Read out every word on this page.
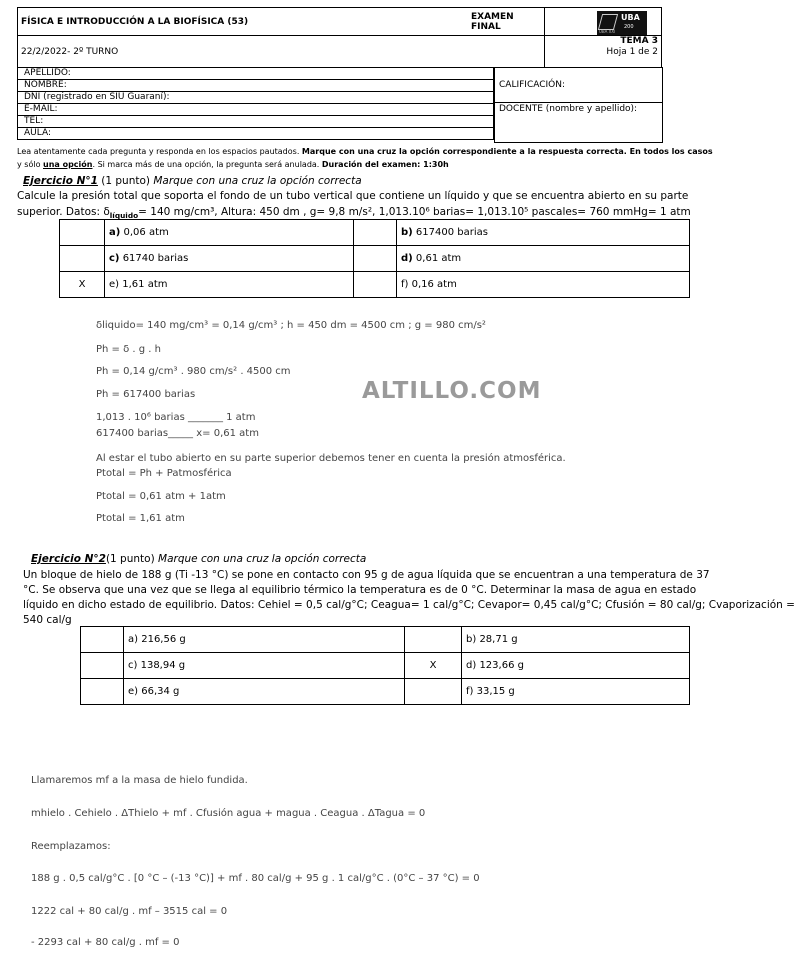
FÍSICA E INTRODUCCIÓN A LA BIOFÍSICA (53)	EXAMEN FINAL	
22/2/2022- 2º TURNO		TEMA 3
Hoja 1 de 2
UBA
200
UBA XXI
APELLIDO:
NOMBRE:
DNI (registrado en SIU Guaraní):
E-MAIL:
TEL:
AULA:
CALIFICACIÓN:
DOCENTE (nombre y apellido):
Lea atentamente cada pregunta y responda en los espacios pautados. Marque con una cruz la opción correspondiente a la respuesta correcta. En todos los casos
y sólo una opción. Si marca más de una opción, la pregunta será anulada. Duración del examen: 1:30h
Ejercicio N°1 (1 punto) Marque con una cruz la opción correcta
Calcule la presión total que soporta el fondo de un tubo vertical que contiene un líquido y que se encuentra abierto en su parte
superior. Datos: $\delta_{líquido}= 140$ mg/cm³, Altura: 450 dm , g= 9,8 m/s², 1,013.10⁶ barias= 1,013.10⁵ pascales= 760 mmHg= 1 atm
	a) 0,06 atm		b) 617400 barias
	c) 61740 barias		d) 0,61 atm
X	e) 1,61 atm		f) 0,16 atm
δliquido= 140 mg/cm³ = 0,14 g/cm³ ; h = 450 dm = 4500 cm ; g = 980 cm/s²
Ph = δ . g . h
Ph = 0,14 g/cm³ . 980 cm/s² . 4500 cm
Ph = 617400 barias
1,013 . 10⁶ barias _______ 1 atm
617400 barias_____ x= 0,61 atm
Al estar el tubo abierto en su parte superior debemos tener en cuenta la presión atmosférica.
Ptotal = Ph + Patmosférica
Ptotal = 0,61 atm + 1atm
Ptotal = 1,61 atm
ALTILLO.COM
Ejercicio N°2(1 punto) Marque con una cruz la opción correcta
Un bloque de hielo de 188 g (Ti -13 °C) se pone en contacto con 95 g de agua líquida que se encuentran a una temperatura de 37
°C. Se observa que una vez que se llega al equilibrio térmico la temperatura es de 0 °C. Determinar la masa de agua en estado
líquido en dicho estado de equilibrio. Datos: Cehiel = 0,5 cal/g°C; Ceagua= 1 cal/g°C; Cevapor= 0,45 cal/g°C; Cfusión = 80 cal/g; Cvaporización =
540 cal/g
	a) 216,56 g		b) 28,71 g
	c) 138,94 g	X	d) 123,66 g
	e) 66,34 g		f) 33,15 g
Llamaremos mf a la masa de hielo fundida.
mhielo . Cehielo . ΔThielo + mf . Cfusión agua + magua . Ceagua . ΔTagua = 0
Reemplazamos:
188 g . 0,5 cal/g°C . [0 °C – (-13 °C)] + mf . 80 cal/g + 95 g . 1 cal/g°C . (0°C – 37 °C) = 0
1222 cal + 80 cal/g . mf – 3515 cal = 0
- 2293 cal + 80 cal/g . mf = 0
